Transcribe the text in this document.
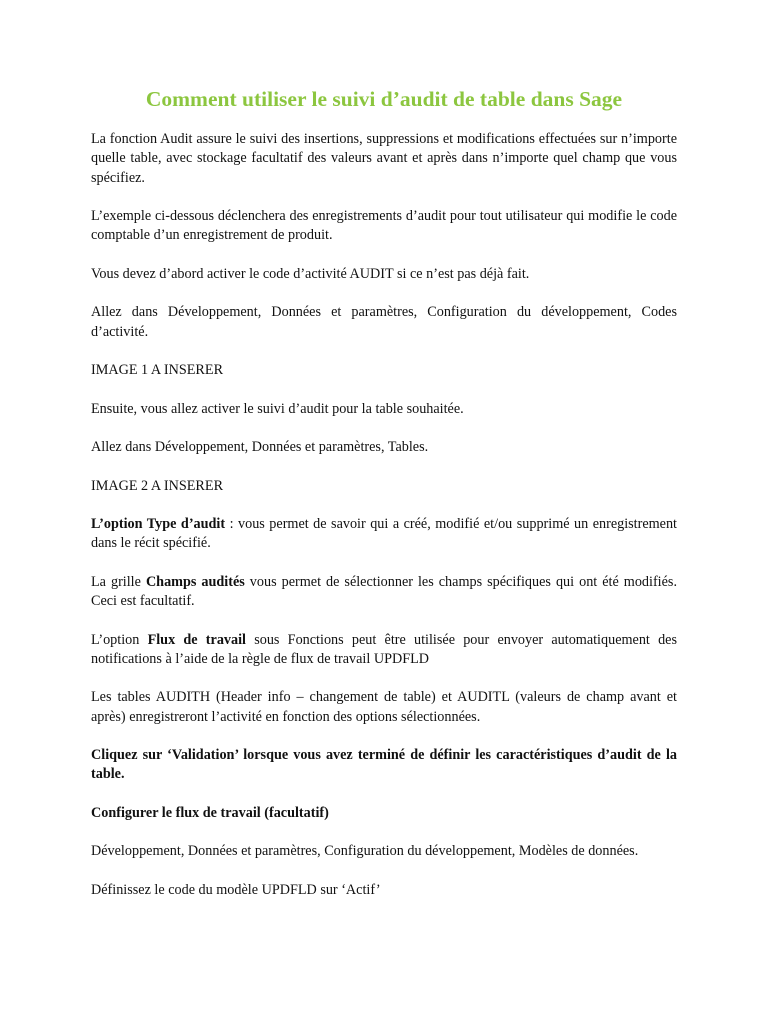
Comment utiliser le suivi d’audit de table dans Sage

La fonction Audit assure le suivi des insertions, suppressions et modifications effectuées sur n’importe quelle table, avec stockage facultatif des valeurs avant et après dans n’importe quel champ que vous spécifiez.

L’exemple ci-dessous déclenchera des enregistrements d’audit pour tout utilisateur qui modifie le code comptable d’un enregistrement de produit.

Vous devez d’abord activer le code d’activité AUDIT si ce n’est pas déjà fait.

Allez dans Développement, Données et paramètres, Configuration du développement, Codes d’activité.

IMAGE 1 A INSERER

Ensuite, vous allez activer le suivi d’audit pour la table souhaitée.

Allez dans Développement, Données et paramètres, Tables.

IMAGE 2 A INSERER

L’option Type d’audit : vous permet de savoir qui a créé, modifié et/ou supprimé un enregistrement dans le récit spécifié.

La grille Champs audités vous permet de sélectionner les champs spécifiques qui ont été modifiés. Ceci est facultatif.

L’option Flux de travail sous Fonctions peut être utilisée pour envoyer automatiquement des notifications à l’aide de la règle de flux de travail UPDFLD

Les tables AUDITH (Header info – changement de table) et AUDITL (valeurs de champ avant et après) enregistreront l’activité en fonction des options sélectionnées.

Cliquez sur ‘Validation’ lorsque vous avez terminé de définir les caractéristiques d’audit de la table.

Configurer le flux de travail (facultatif)

Développement, Données et paramètres, Configuration du développement, Modèles de données.

Définissez le code du modèle UPDFLD sur ‘Actif’
